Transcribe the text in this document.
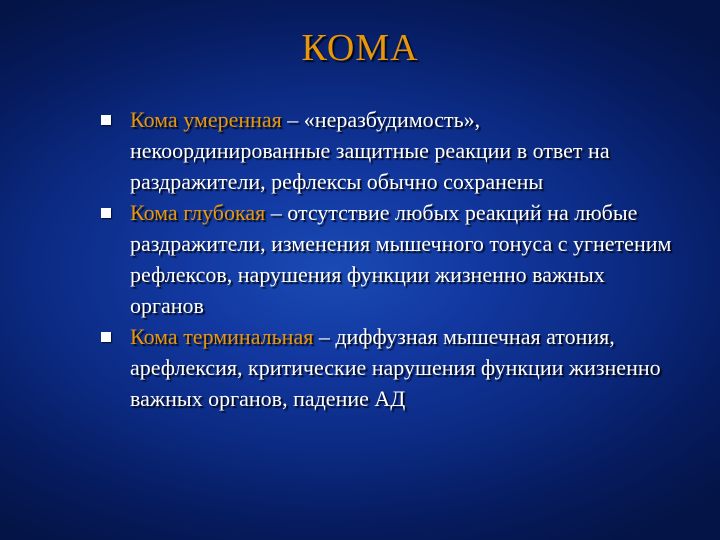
КОМА
Кома умеренная – «неразбудимость», некоординированные защитные реакции в ответ на раздражители, рефлексы обычно сохранены
Кома глубокая – отсутствие любых реакций на любые раздражители, изменения мышечного тонуса с угнетеним рефлексов, нарушения функции жизненно важных органов
Кома терминальная – диффузная мышечная атония, арефлексия, критические нарушения функции жизненно важных органов, падение АД
